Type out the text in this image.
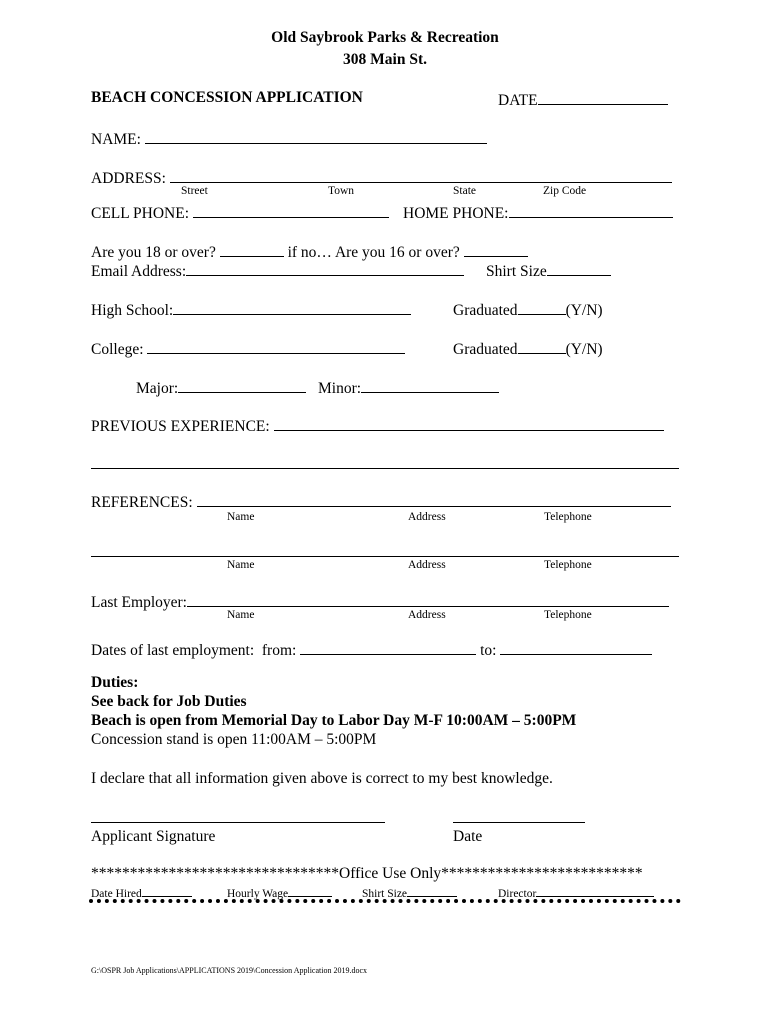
Old Saybrook Parks & Recreation
308 Main St.
BEACH CONCESSION APPLICATION	DATE
NAME:
ADDRESS:
Street	Town	State	Zip Code
CELL PHONE:	HOME PHONE:
Are you 18 or over?	if no… Are you 16 or over?
Email Address:	Shirt Size
High School:	Graduated	(Y/N)
College:	Graduated	(Y/N)
Major:	Minor:
PREVIOUS EXPERIENCE:
REFERENCES:
Name	Address	Telephone
Name	Address	Telephone
Last Employer:
Name	Address	Telephone
Dates of last employment:  from:	to:
Duties:
See back for Job Duties
Beach is open from Memorial Day to Labor Day M-F 10:00AM – 5:00PM
Concession stand is open 11:00AM – 5:00PM
I declare that all information given above is correct to my best knowledge.
Applicant Signature	Date
********************************Office Use Only**************************
Date Hired	Hourly Wage	Shirt Size	Director
G:\OSPR Job Applications\APPLICATIONS 2019\Concession Application 2019.docx
